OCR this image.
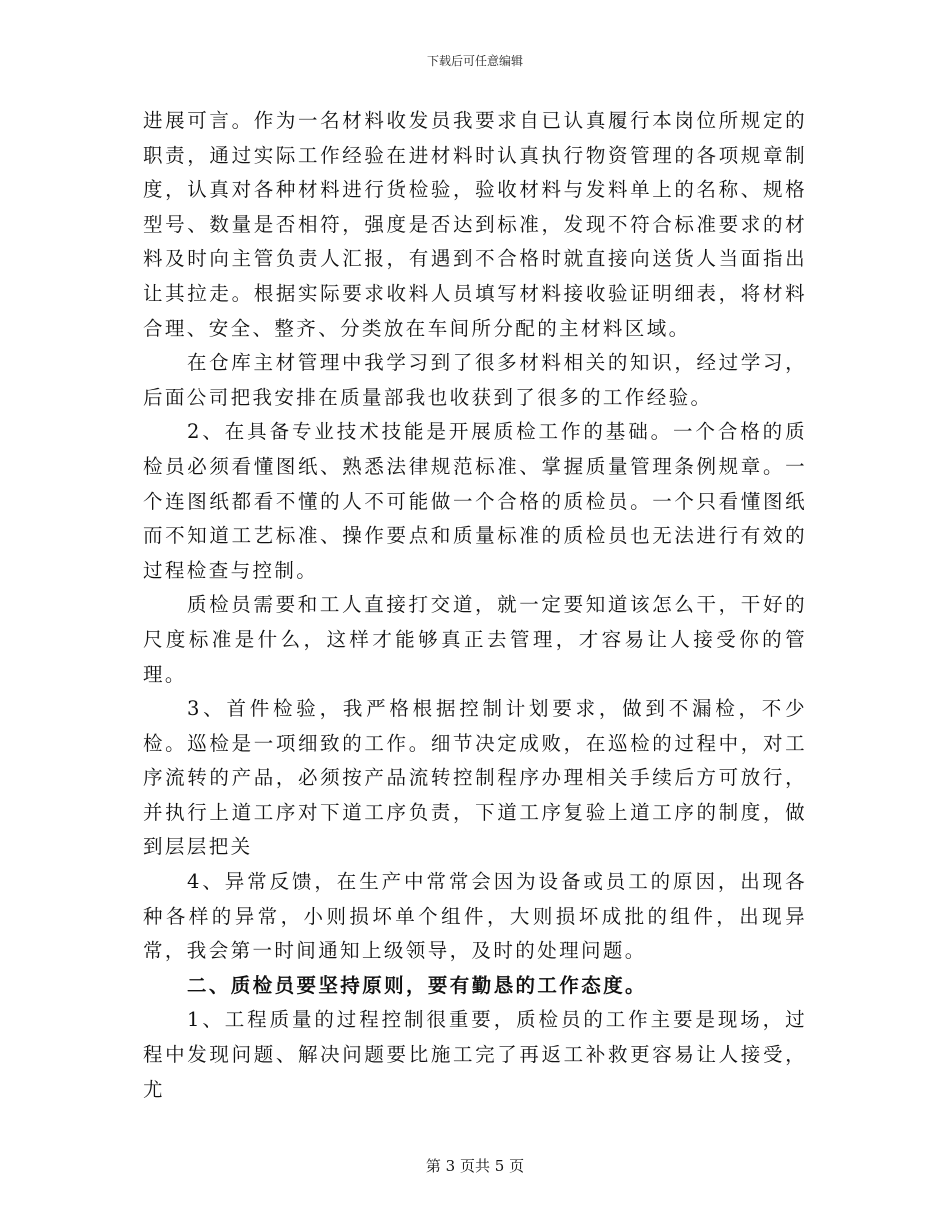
下载后可任意编辑

进展可言。作为一名材料收发员我要求自已认真履行本岗位所规定的职责，通过实际工作经验在进材料时认真执行物资管理的各项规章制度，认真对各种材料进行货检验，验收材料与发料单上的名称、规格型号、数量是否相符，强度是否达到标准，发现不符合标准要求的材料及时向主管负责人汇报，有遇到不合格时就直接向送货人当面指出让其拉走。根据实际要求收料人员填写材料接收验证明细表，将材料合理、安全、整齐、分类放在车间所分配的主材料区域。

在仓库主材管理中我学习到了很多材料相关的知识，经过学习，后面公司把我安排在质量部我也收获到了很多的工作经验。

2、在具备专业技术技能是开展质检工作的基础。一个合格的质检员必须看懂图纸、熟悉法律规范标准、掌握质量管理条例规章。一个连图纸都看不懂的人不可能做一个合格的质检员。一个只看懂图纸而不知道工艺标准、操作要点和质量标准的质检员也无法进行有效的过程检查与控制。

质检员需要和工人直接打交道，就一定要知道该怎么干，干好的尺度标准是什么，这样才能够真正去管理，才容易让人接受你的管理。

3、首件检验，我严格根据控制计划要求，做到不漏检，不少检。巡检是一项细致的工作。细节决定成败，在巡检的过程中，对工序流转的产品，必须按产品流转控制程序办理相关手续后方可放行，并执行上道工序对下道工序负责，下道工序复验上道工序的制度，做到层层把关

4、异常反馈，在生产中常常会因为设备或员工的原因，出现各种各样的异常，小则损坏单个组件，大则损坏成批的组件，出现异常，我会第一时间通知上级领导，及时的处理问题。

二、质检员要坚持原则，要有勤恳的工作态度。

1、工程质量的过程控制很重要，质检员的工作主要是现场，过程中发现问题、解决问题要比施工完了再返工补救更容易让人接受，尤

第 3 页共 5 页
